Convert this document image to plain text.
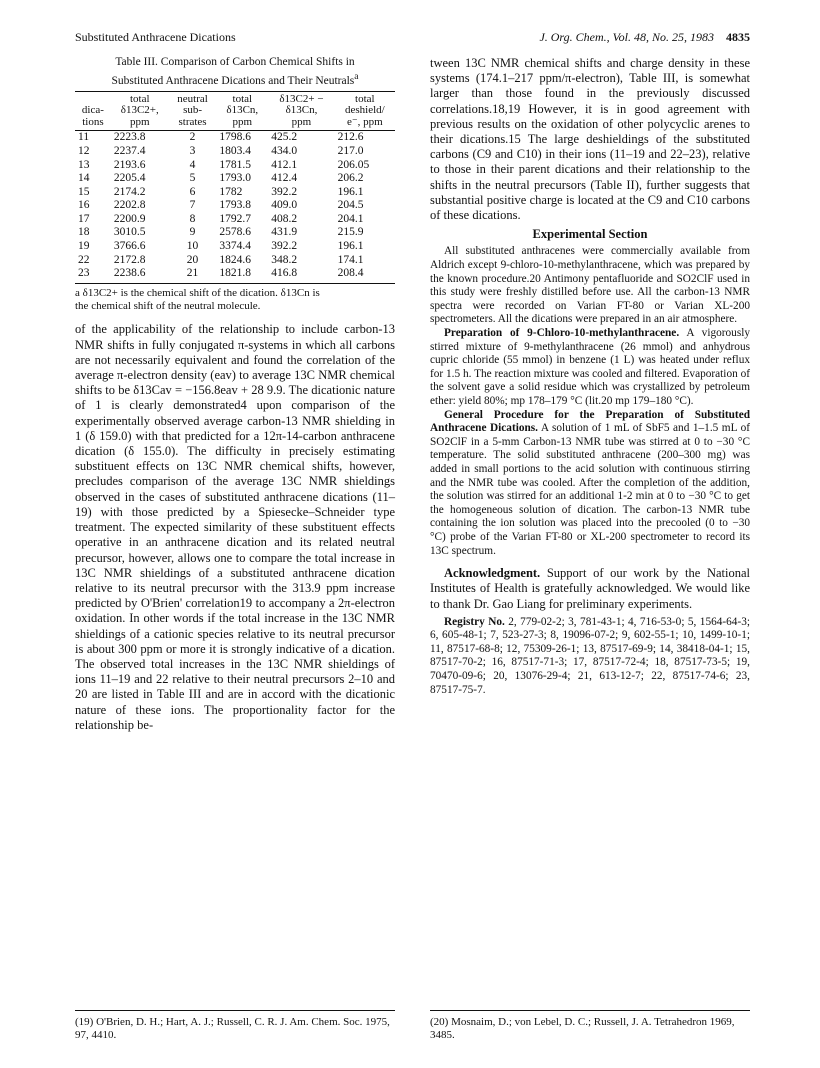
Substituted Anthracene Dications	J. Org. Chem., Vol. 48, No. 25, 1983 4835
Table III. Comparison of Carbon Chemical Shifts in
Substituted Anthracene Dications and Their Neutrals$^a$
	total	neutral	total	δ13C2+ −	total
dica-	δ13C2+,	sub-	δ13Cn,	δ13Cn,	deshield/
tions	ppm	strates	ppm	ppm	e⁻, ppm
11	2223.8	2	1798.6	425.2	212.6
12	2237.4	3	1803.4	434.0	217.0
13	2193.6	4	1781.5	412.1	206.05
14	2205.4	5	1793.0	412.4	206.2
15	2174.2	6	1782	392.2	196.1
16	2202.8	7	1793.8	409.0	204.5
17	2200.9	8	1792.7	408.2	204.1
18	3010.5	9	2578.6	431.9	215.9
19	3766.6	10	3374.4	392.2	196.1
22	2172.8	20	1824.6	348.2	174.1
23	2238.6	21	1821.8	416.8	208.4
a δ13C2+ is the chemical shift of the dication. δ13Cn is
the chemical shift of the neutral molecule.

of the applicability of the relationship to include carbon-13 NMR shifts in fully conjugated π-systems in which all carbons are not necessarily equivalent and found the correlation of the average π-electron density (eav) to average 13C NMR chemical shifts to be δ13Cav = −156.8eav + 28 9.9. The dicationic nature of 1 is clearly demonstrated4 upon comparison of the experimentally observed average carbon-13 NMR shielding in 1 (δ 159.0) with that predicted for a 12π-14-carbon anthracene dication (δ 155.0). The difficulty in precisely estimating substituent effects on 13C NMR chemical shifts, however, precludes comparison of the average 13C NMR shieldings observed in the cases of substituted anthracene dications (11–19) with those predicted by a Spiesecke–Schneider type treatment. The expected similarity of these substituent effects operative in an anthracene dication and its related neutral precursor, however, allows one to compare the total increase in 13C NMR shieldings of a substituted anthracene dication relative to its neutral precursor with the 313.9 ppm increase predicted by O'Brien' correlation19 to accompany a 2π-electron oxidation. In other words if the total increase in the 13C NMR shieldings of a cationic species relative to its neutral precursor is about 300 ppm or more it is strongly indicative of a dication. The observed total increases in the 13C NMR shieldings of ions 11–19 and 22 relative to their neutral precursors 2–10 and 20 are listed in Table III and are in accord with the dicationic nature of these ions. The proportionality factor for the relationship be-

tween 13C NMR chemical shifts and charge density in these systems (174.1–217 ppm/π-electron), Table III, is somewhat larger than those found in the previously discussed correlations.18,19 However, it is in good agreement with previous results on the oxidation of other polycyclic arenes to their dications.15 The large deshieldings of the substituted carbons (C9 and C10) in their ions (11–19 and 22–23), relative to those in their parent dications and their relationship to the shifts in the neutral precursors (Table II), further suggests that substantial positive charge is located at the C9 and C10 carbons of these dications.

Experimental Section

All substituted anthracenes were commercially available from Aldrich except 9-chloro-10-methylanthracene, which was prepared by the known procedure.20 Antimony pentafluoride and SO2ClF used in this study were freshly distilled before use. All the carbon-13 NMR spectra were recorded on Varian FT-80 or Varian XL-200 spectrometers. All the dications were prepared in an air atmosphere.

Preparation of 9-Chloro-10-methylanthracene. A vigorously stirred mixture of 9-methylanthracene (26 mmol) and anhydrous cupric chloride (55 mmol) in benzene (1 L) was heated under reflux for 1.5 h. The reaction mixture was cooled and filtered. Evaporation of the solvent gave a solid residue which was crystallized by petroleum ether: yield 80%; mp 178–179 °C (lit.20 mp 179–180 °C).

General Procedure for the Preparation of Substituted Anthracene Dications. A solution of 1 mL of SbF5 and 1–1.5 mL of SO2ClF in a 5-mm Carbon-13 NMR tube was stirred at 0 to −30 °C temperature. The solid substituted anthracene (200–300 mg) was added in small portions to the acid solution with continuous stirring and the NMR tube was cooled. After the completion of the addition, the solution was stirred for an additional 1-2 min at 0 to −30 °C to get the homogeneous solution of dication. The carbon-13 NMR tube containing the ion solution was placed into the precooled (0 to −30 °C) probe of the Varian FT-80 or XL-200 spectrometer to record its 13C spectrum.

Acknowledgment. Support of our work by the National Institutes of Health is gratefully acknowledged. We would like to thank Dr. Gao Liang for preliminary experiments.

Registry No. 2, 779-02-2; 3, 781-43-1; 4, 716-53-0; 5, 1564-64-3; 6, 605-48-1; 7, 523-27-3; 8, 19096-07-2; 9, 602-55-1; 10, 1499-10-1; 11, 87517-68-8; 12, 75309-26-1; 13, 87517-69-9; 14, 38418-04-1; 15, 87517-70-2; 16, 87517-71-3; 17, 87517-72-4; 18, 87517-73-5; 19, 70470-09-6; 20, 13076-29-4; 21, 613-12-7; 22, 87517-74-6; 23, 87517-75-7.

(19) O'Brien, D. H.; Hart, A. J.; Russell, C. R. J. Am. Chem. Soc. 1975, 97, 4410.
(20) Mosnaim, D.; von Lebel, D. C.; Russell, J. A. Tetrahedron 1969, 3485.
